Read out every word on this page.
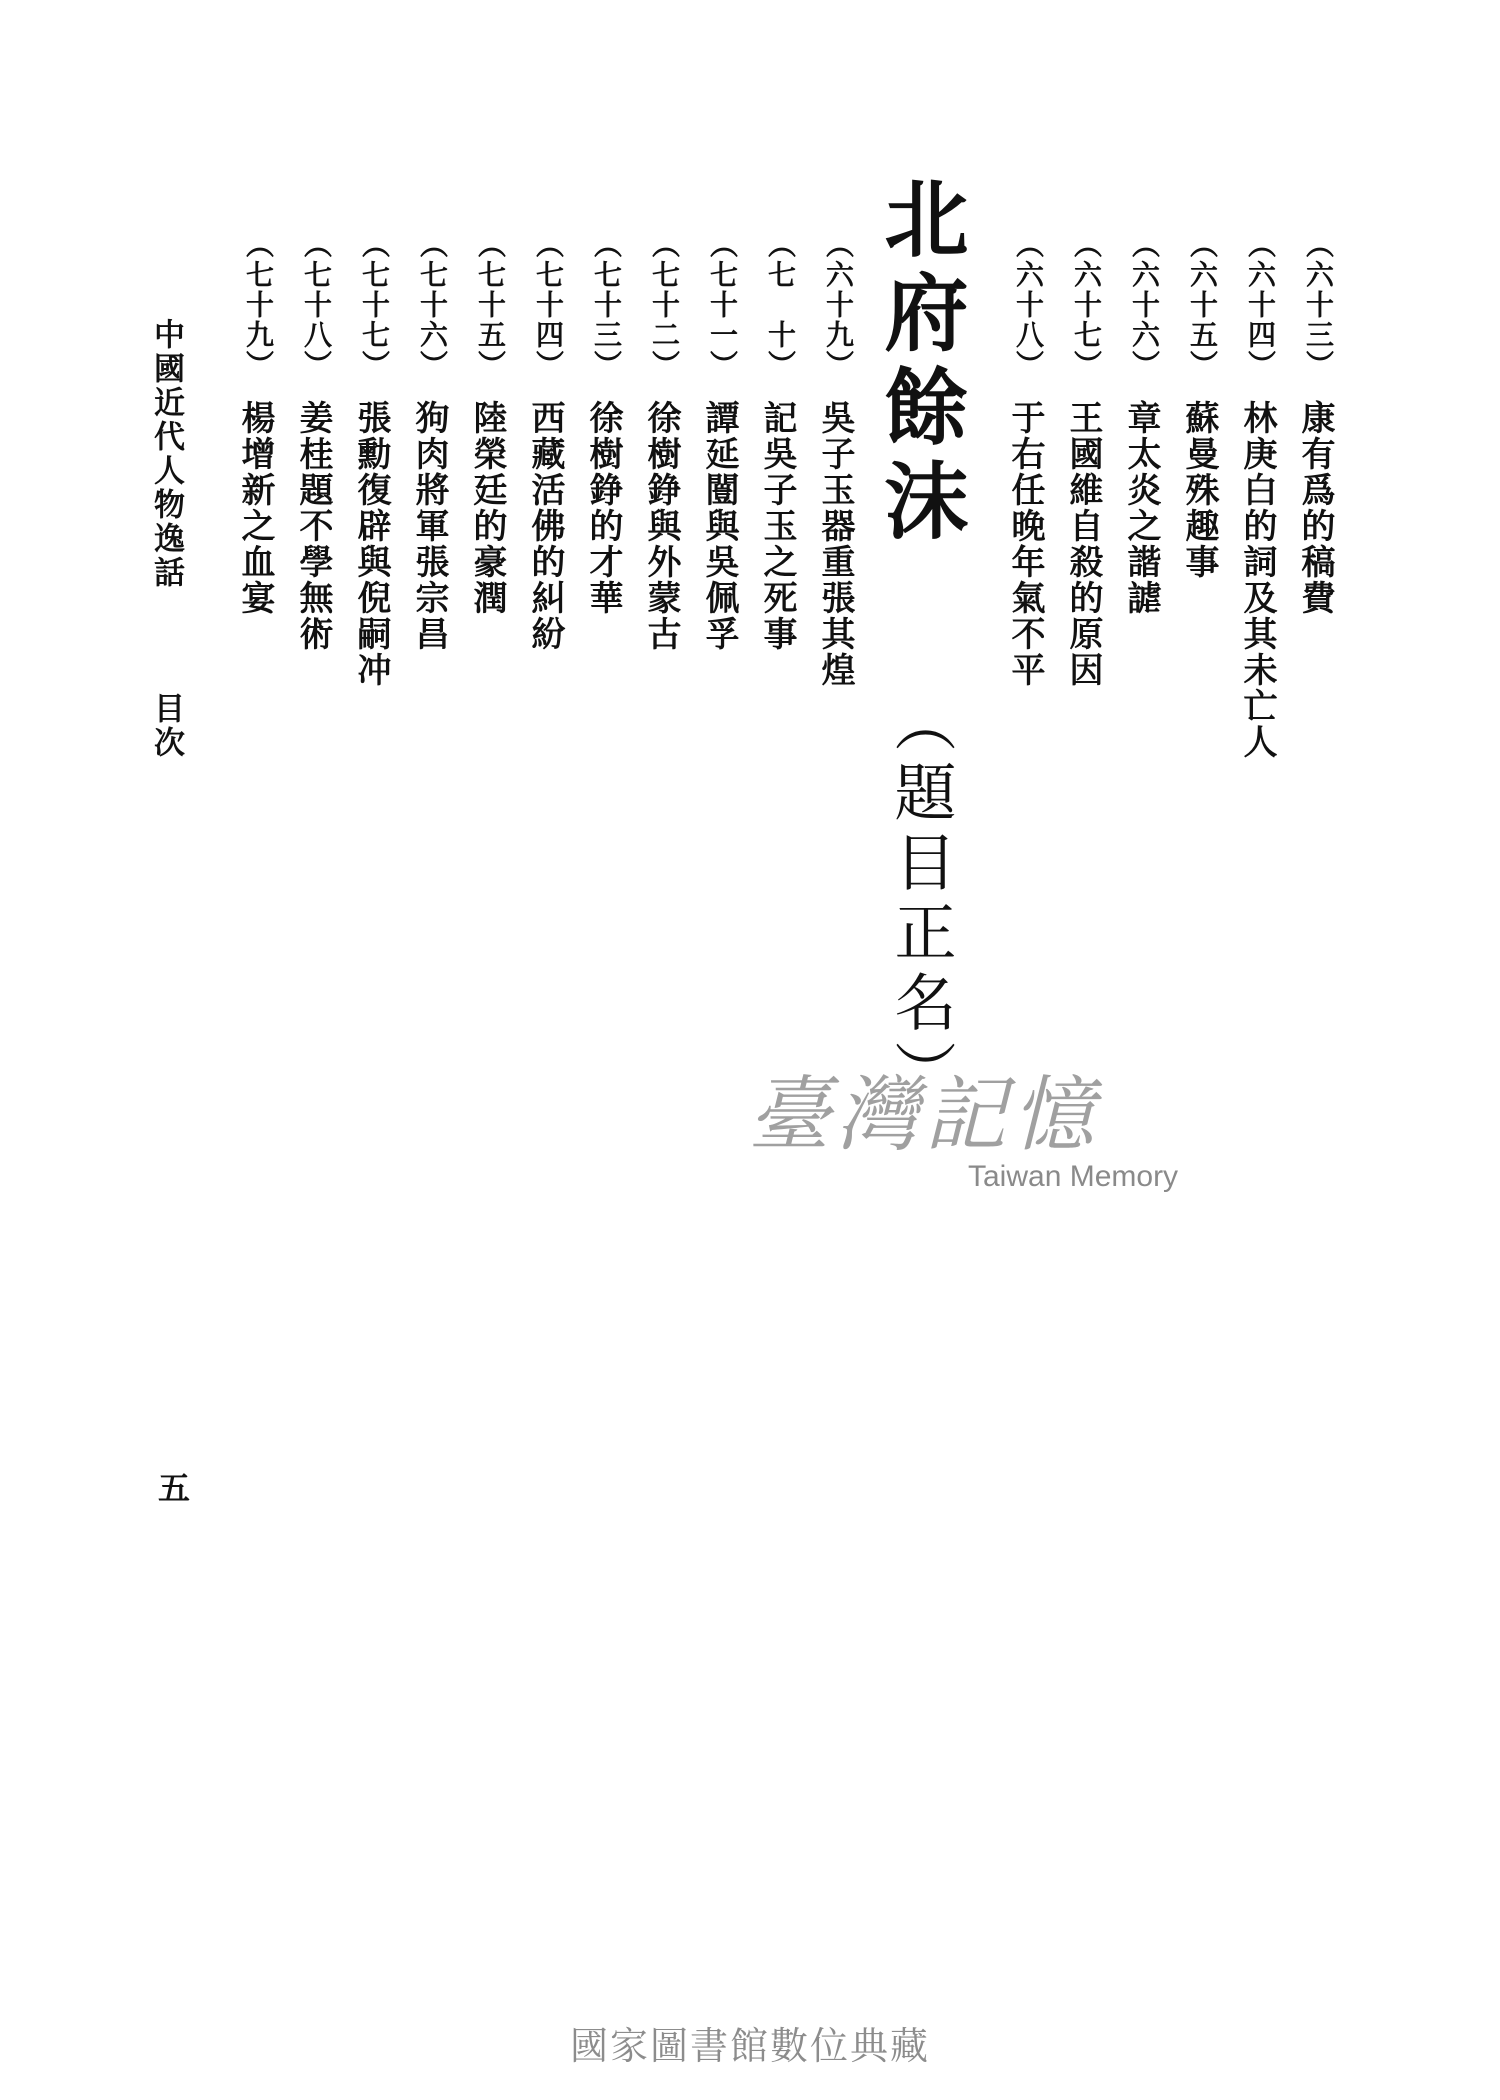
（六十三）
康有爲的稿費
（六十四）
林庚白的詞及其未亡人
（六十五）
蘇曼殊趣事
（六十六）
章太炎之諧謔
（六十七）
王國維自殺的原因
（六十八）
于右任晚年氣不平
北府餘沫 （題目正名）
（六十九）
吳子玉器重張其煌
（七　十）
記吳子玉之死事
（七十一）
譚延闓與吳佩孚
（七十二）
徐樹錚與外蒙古
（七十三）
徐樹錚的才華
（七十四）
西藏活佛的糾紛
（七十五）
陸榮廷的豪潤
（七十六）
狗肉將軍張宗昌
（七十七）
張勳復辟與倪嗣冲
（七十八）
姜桂題不學無術
（七十九）
楊增新之血宴
中國近代人物逸話  目次
五
臺灣記憶
Taiwan Memory
國家圖書館數位典藏
